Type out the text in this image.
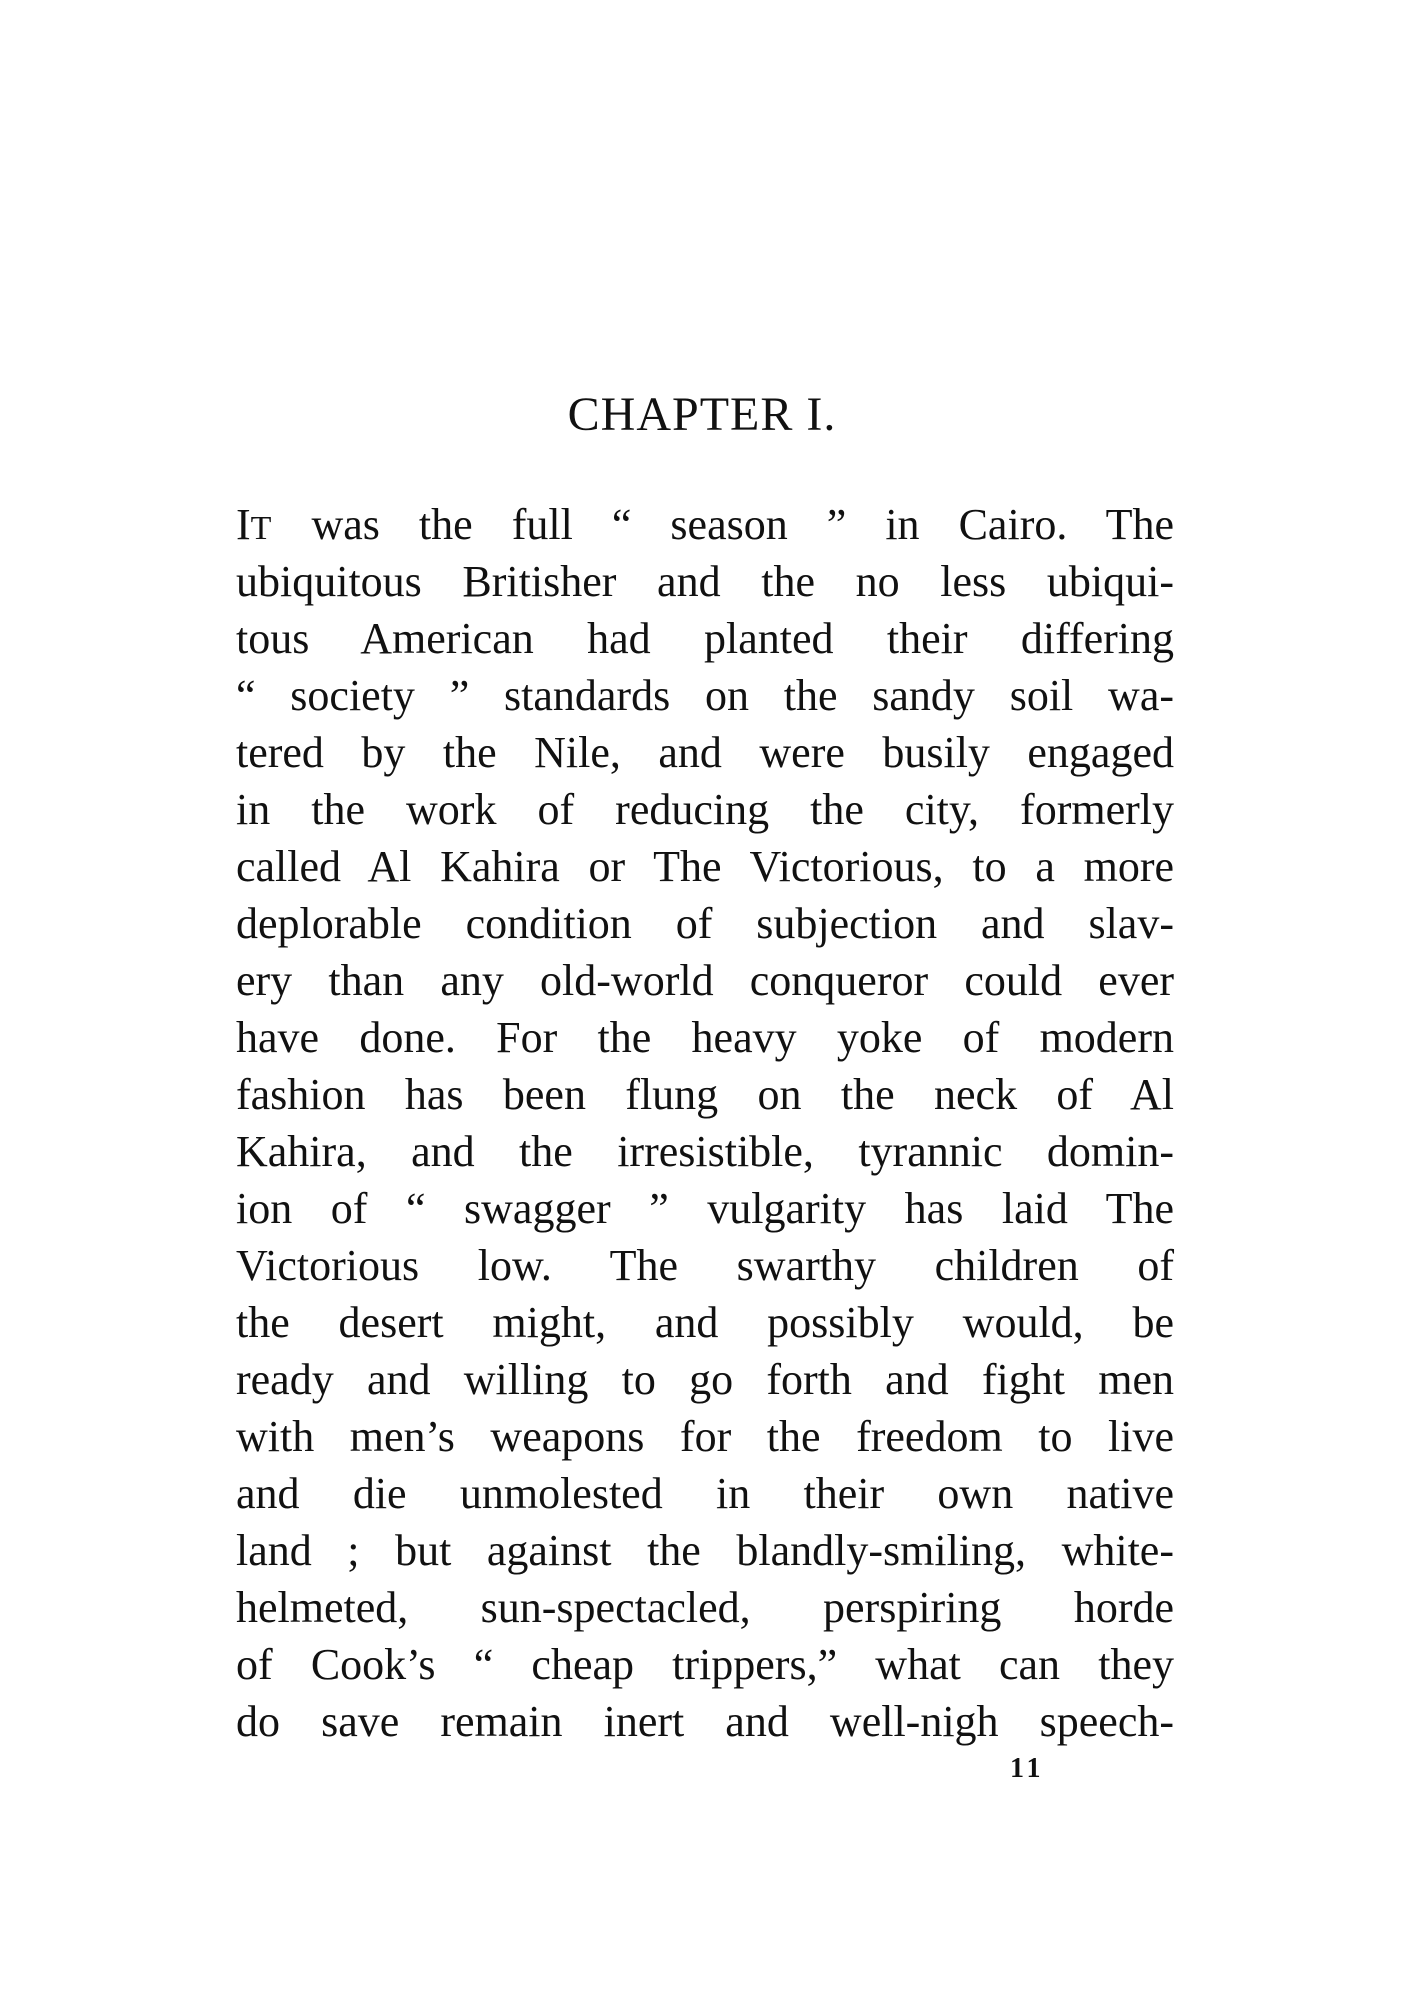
CHAPTER I.
IT was the full “ season ” in Cairo. The
ubiquitous Britisher and the no less ubiqui-
tous American had planted their differing
“ society ” standards on the sandy soil wa-
tered by the Nile, and were busily engaged
in the work of reducing the city, formerly
called Al Kahira or The Victorious, to a more
deplorable condition of subjection and slav-
ery than any old-world conqueror could ever
have done. For the heavy yoke of modern
fashion has been flung on the neck of Al
Kahira, and the irresistible, tyrannic domin-
ion of “ swagger ” vulgarity has laid The
Victorious low. The swarthy children of
the desert might, and possibly would, be
ready and willing to go forth and fight men
with men’s weapons for the freedom to live
and die unmolested in their own native
land ; but against the blandly-smiling, white-
helmeted, sun-spectacled, perspiring horde
of Cook’s “ cheap trippers,” what can they
do save remain inert and well-nigh speech-
11
